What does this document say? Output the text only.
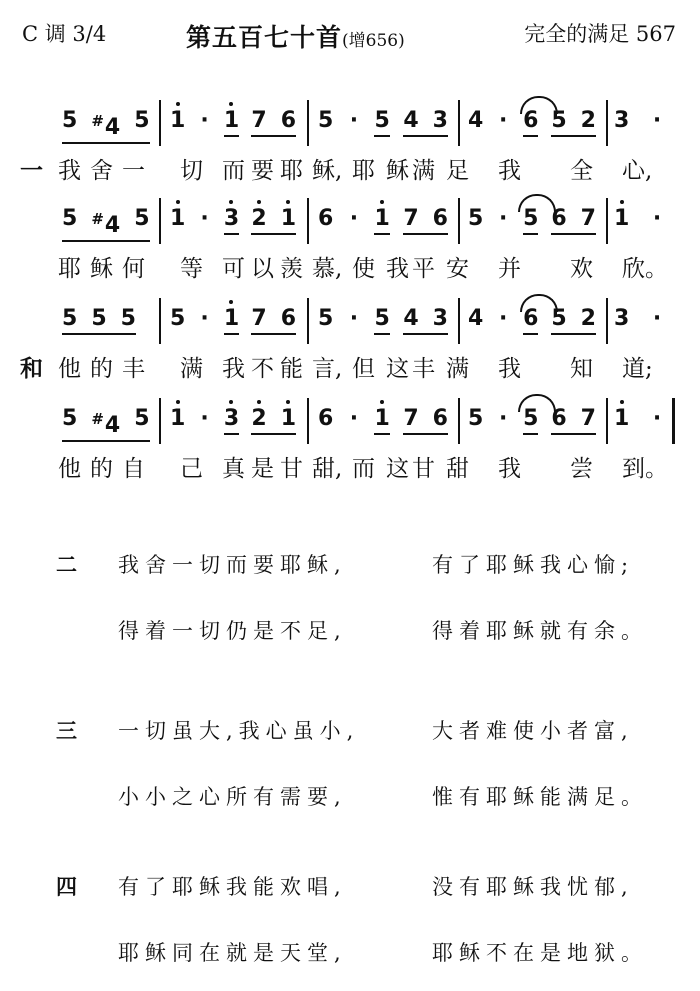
C 调 3/4	第五百七十首(增656)	完全的满足 567
5 #4 5 1 · 1 7 6 5 · 5 4 3 4 · 6 5 2 3 ·
一 我 舍 一 切 而 要 耶 稣, 耶 稣 满 足 我 全 心,
5 #4 5 1 · 3 2 1 6 · 1 7 6 5 · 5 6 7 1 ·
耶 稣 何 等 可 以 羡 慕, 使 我 平 安 并 欢 欣。
5 5 5 5 · 1 7 6 5 · 5 4 3 4 · 6 5 2 3 ·
和 他 的 丰 满 我 不 能 言, 但 这 丰 满 我 知 道;
5 #4 5 1 · 3 2 1 6 · 1 7 6 5 · 5 6 7 1 ·
他 的 自 己 真 是 甘 甜, 而 这 甘 甜 我 尝 到。
二 我舍一切而要耶稣,	有了耶稣我心愉;
得着一切仍是不足,	得着耶稣就有余。
三 一切虽大,我心虽小,	大者难使小者富,
小小之心所有需要,	惟有耶稣能满足。
四 有了耶稣我能欢唱,	没有耶稣我忧郁,
耶稣同在就是天堂,	耶稣不在是地狱。
